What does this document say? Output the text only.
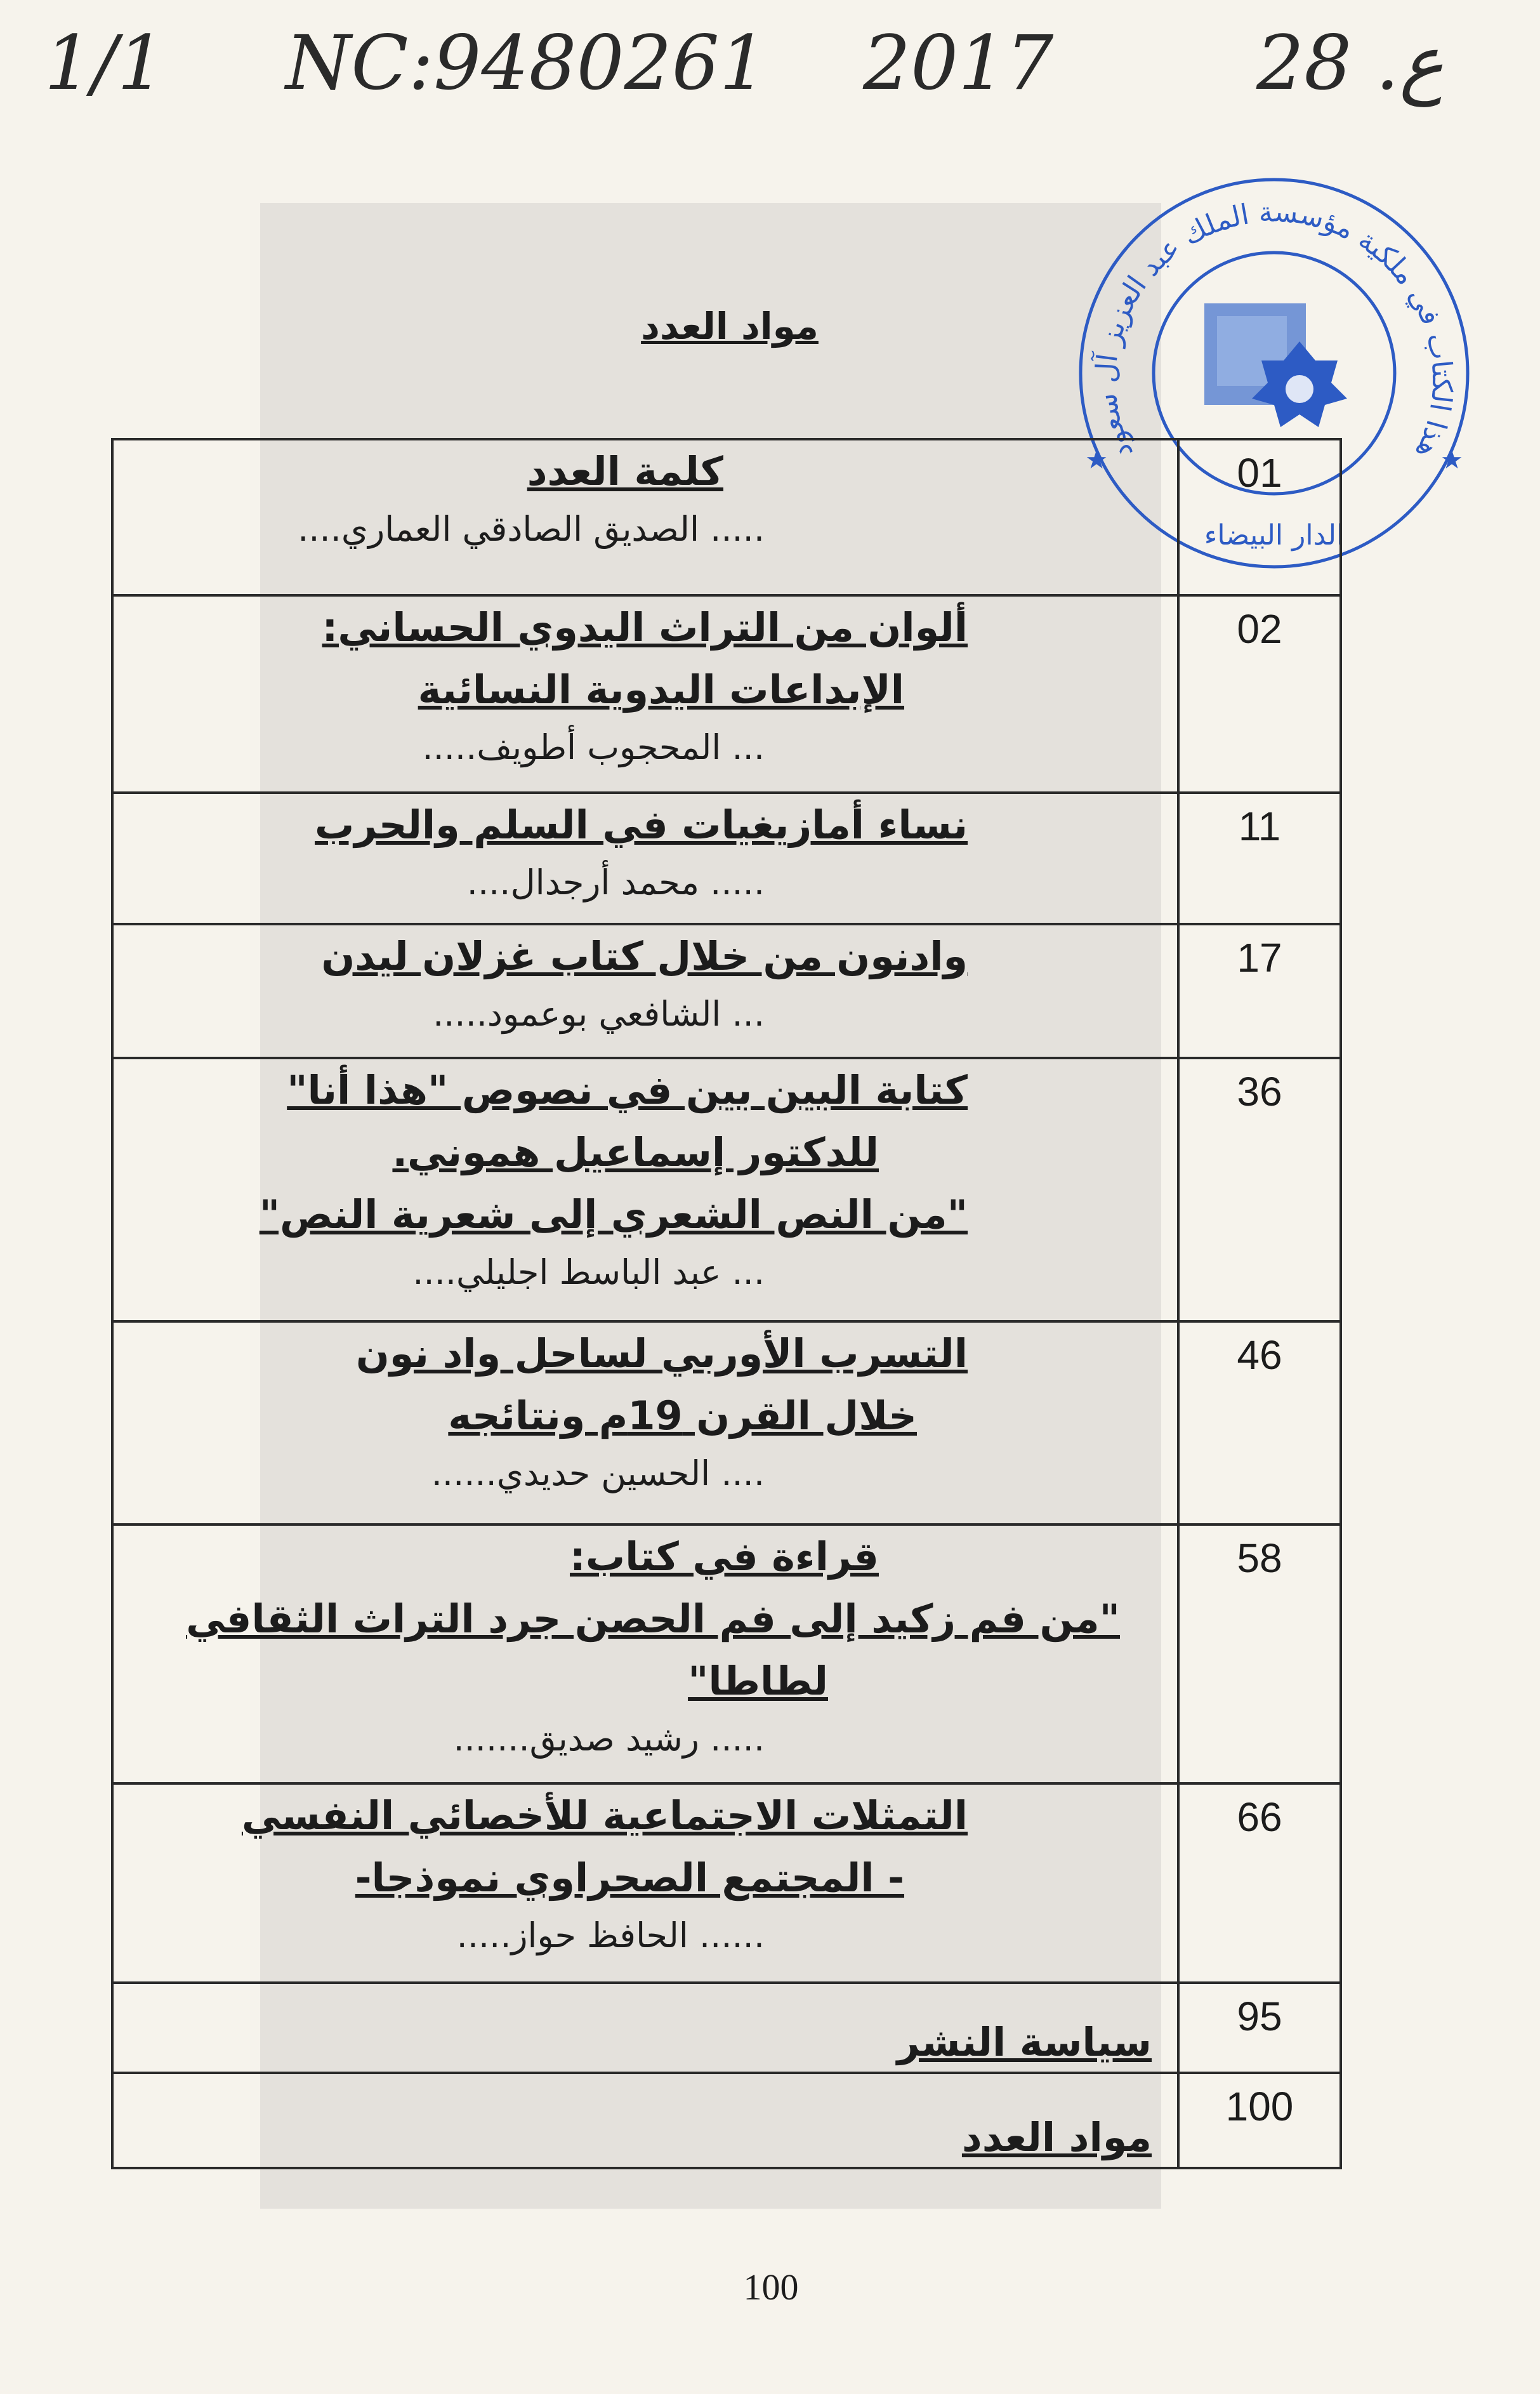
1/1 NC:9480261 2017	ع. 28
هذا الكتاب في ملكية مؤسسة الملك عبد العزيز آل سعود
الدار البيضاء
★	★
مواد العدد
كلمة العدد
..... الصديق الصادقي العماري....	01

ألوان من التراث اليدوي الحساني:
الإبداعات اليدوية النسائية
... المحجوب أطويف.....	02

نساء أمازيغيات في السلم والحرب
..... محمد أرجدال....	11

وادنون من خلال كتاب غزلان ليدن
... الشافعي بوعمود.....	17

كتابة البين بين في نصوص "هذا أنا"
للدكتور إسماعيل هموني.
"من النص الشعري إلى شعرية النص"
... عبد الباسط اجليلي....	36

التسرب الأوربي لساحل واد نون
خلال القرن 19م ونتائجه
.... الحسين حديدي......	46

قراءة في كتاب:
"من فم زكيد إلى فم الحصن جرد التراث الثقافي
لطاطا"
..... رشيد صديق.......	58

التمثلات الاجتماعية للأخصائي النفسي
- المجتمع الصحراوي نموذجا-
...... الحافظ حواز.....	66

سياسة النشر	95

مواد العدد	100
100
